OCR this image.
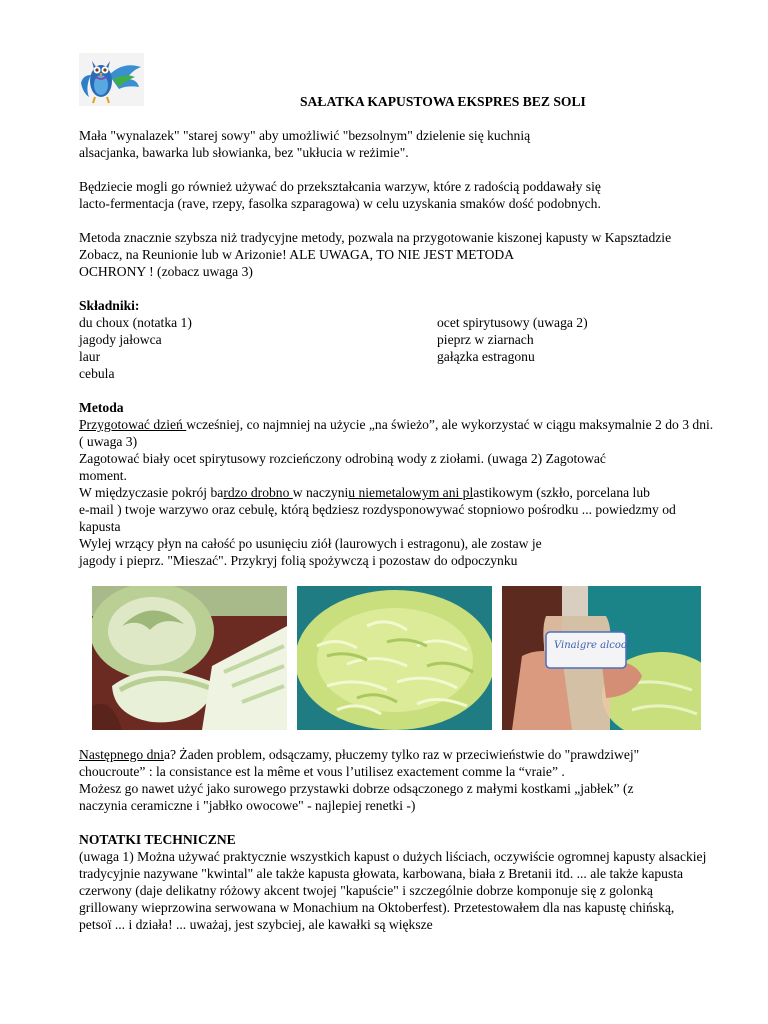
SAŁATKA KAPUSTOWA EKSPRES BEZ SOLI
Mała "wynalazek" "starej sowy" aby umożliwić "bezsolnym" dzielenie się kuchnią
alsacjanka, bawarka lub słowianka, bez "ukłucia w reżimie".
Będziecie mogli go również używać do przekształcania warzyw, które z radością poddawały się
lacto-fermentacja (rave, rzepy, fasolka szparagowa) w celu uzyskania smaków dość podobnych.
Metoda znacznie szybsza niż tradycyjne metody, pozwala na przygotowanie kiszonej kapusty w Kapsztadzie
Zobacz, na Reunionie lub w Arizonie! ALE UWAGA, TO NIE JEST METODA
OCHRONY ! (zobacz uwaga 3)
Składniki:
du choux (notatka 1)
jagody jałowca
laur
cebula
ocet spirytusowy (uwaga 2)
pieprz w ziarnach
gałązka estragonu
Metoda
Przygotować dzień wcześniej, co najmniej na użycie „na świeżo”, ale wykorzystać w ciągu maksymalnie 2 do 3 dni.
( uwaga 3)
Zagotować biały ocet spirytusowy rozcieńczony odrobiną wody z ziołami. (uwaga 2) Zagotować
moment.
W międzyczasie pokrój bardzo drobno w naczyniu niemetalowym ani plastikowym (szkło, porcelana lub
e-mail ) twoje warzywo oraz cebulę, którą będziesz rozdysponowywać stopniowo pośrodku ... powiedzmy od
kapusta
Wylej wrzący płyn na całość po usunięciu ziół (laurowych i estragonu), ale zostaw je
jagody i pieprz. "Mieszać". Przykryj folią spożywczą i pozostaw do odpoczynku
Vinaigre alcool
Następnego dnia? Żaden problem, odsączamy, płuczemy tylko raz w przeciwieństwie do "prawdziwej"
choucroute” : la consistance est la même et vous l’utilisez exactement comme la “vraie” .
Możesz go nawet użyć jako surowego przystawki dobrze odsączonego z małymi kostkami „jabłek” (z
naczynia ceramiczne i "jabłko owocowe" - najlepiej renetki -)
NOTATKI TECHNICZNE
(uwaga 1) Można używać praktycznie wszystkich kapust o dużych liściach, oczywiście ogromnej kapusty alsackiej
tradycyjnie nazywane "kwintal" ale także kapusta głowata, karbowana, biała z Bretanii itd. ... ale także kapusta
czerwony (daje delikatny różowy akcent twojej "kapuście" i szczególnie dobrze komponuje się z golonką
grillowany wieprzowina serwowana w Monachium na Oktoberfest). Przetestowałem dla nas kapustę chińską,
petsoï ... i działa! ... uważaj, jest szybciej, ale kawałki są większe
